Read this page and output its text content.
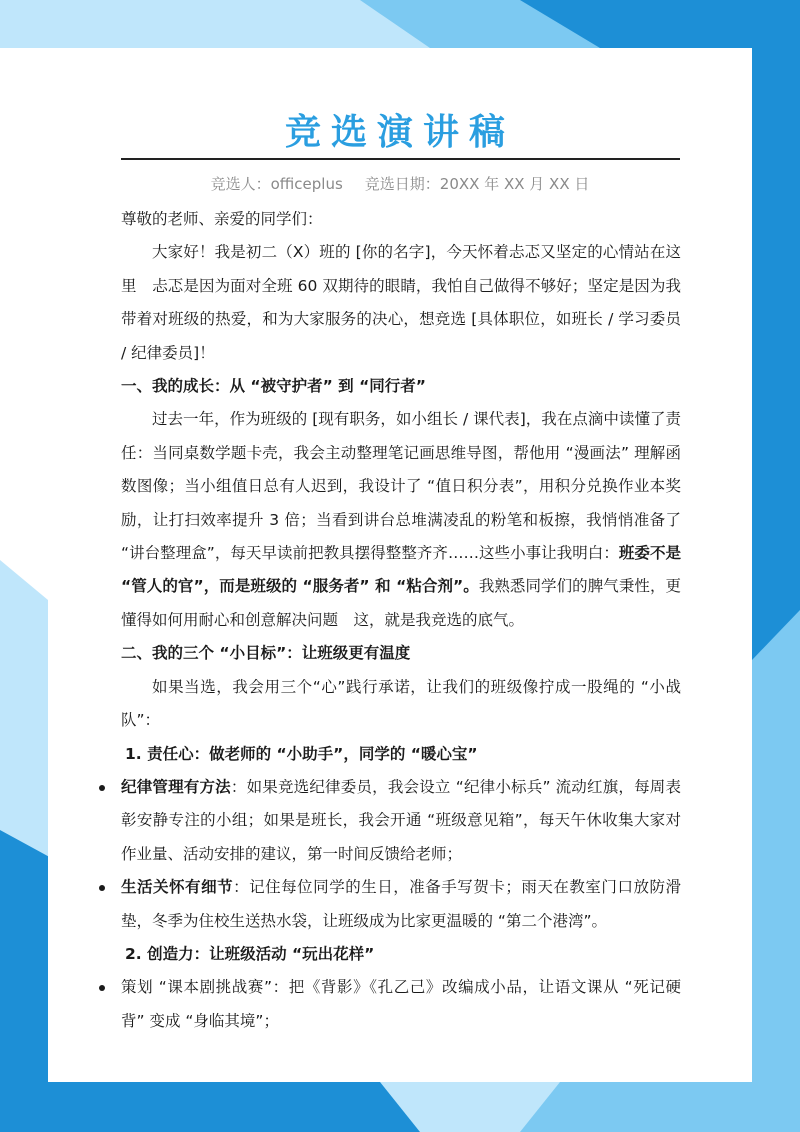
竞选演讲稿
竞选人：officeplus 竞选日期：20XX 年 XX 月 XX 日

尊敬的老师、亲爱的同学们：

大家好！我是初二（X）班的 [你的名字]，今天怀着忐忑又坚定的心情站在这里　忐忑是因为面对全班 60 双期待的眼睛，我怕自己做得不够好；坚定是因为我带着对班级的热爱，和为大家服务的决心，想竞选 [具体职位，如班长 / 学习委员 / 纪律委员]！

一、我的成长：从 “被守护者” 到 “同行者”

过去一年，作为班级的 [现有职务，如小组长 / 课代表]，我在点滴中读懂了责任：当同桌数学题卡壳，我会主动整理笔记画思维导图，帮他用 “漫画法” 理解函数图像；当小组值日总有人迟到，我设计了 “值日积分表”，用积分兑换作业本奖励，让打扫效率提升 3 倍；当看到讲台总堆满凌乱的粉笔和板擦，我悄悄准备了 “讲台整理盒”，每天早读前把教具摆得整整齐齐……这些小事让我明白：班委不是 “管人的官”，而是班级的 “服务者” 和 “粘合剂”。我熟悉同学们的脾气秉性，更懂得如何用耐心和创意解决问题　这，就是我竞选的底气。

二、我的三个 “小目标”：让班级更有温度

如果当选，我会用三个“心”践行承诺，让我们的班级像拧成一股绳的 “小战队”：

1. 责任心：做老师的 “小助手”，同学的 “暖心宝”

纪律管理有方法：如果竞选纪律委员，我会设立 “纪律小标兵” 流动红旗，每周表彰安静专注的小组；如果是班长，我会开通 “班级意见箱”，每天午休收集大家对作业量、活动安排的建议，第一时间反馈给老师；
生活关怀有细节：记住每位同学的生日，准备手写贺卡；雨天在教室门口放防滑垫，冬季为住校生送热水袋，让班级成为比家更温暖的 “第二个港湾”。

2. 创造力：让班级活动 “玩出花样”

策划 “课本剧挑战赛”：把《背影》《孔乙己》改编成小品，让语文课从 “死记硬背” 变成 “身临其境”；
